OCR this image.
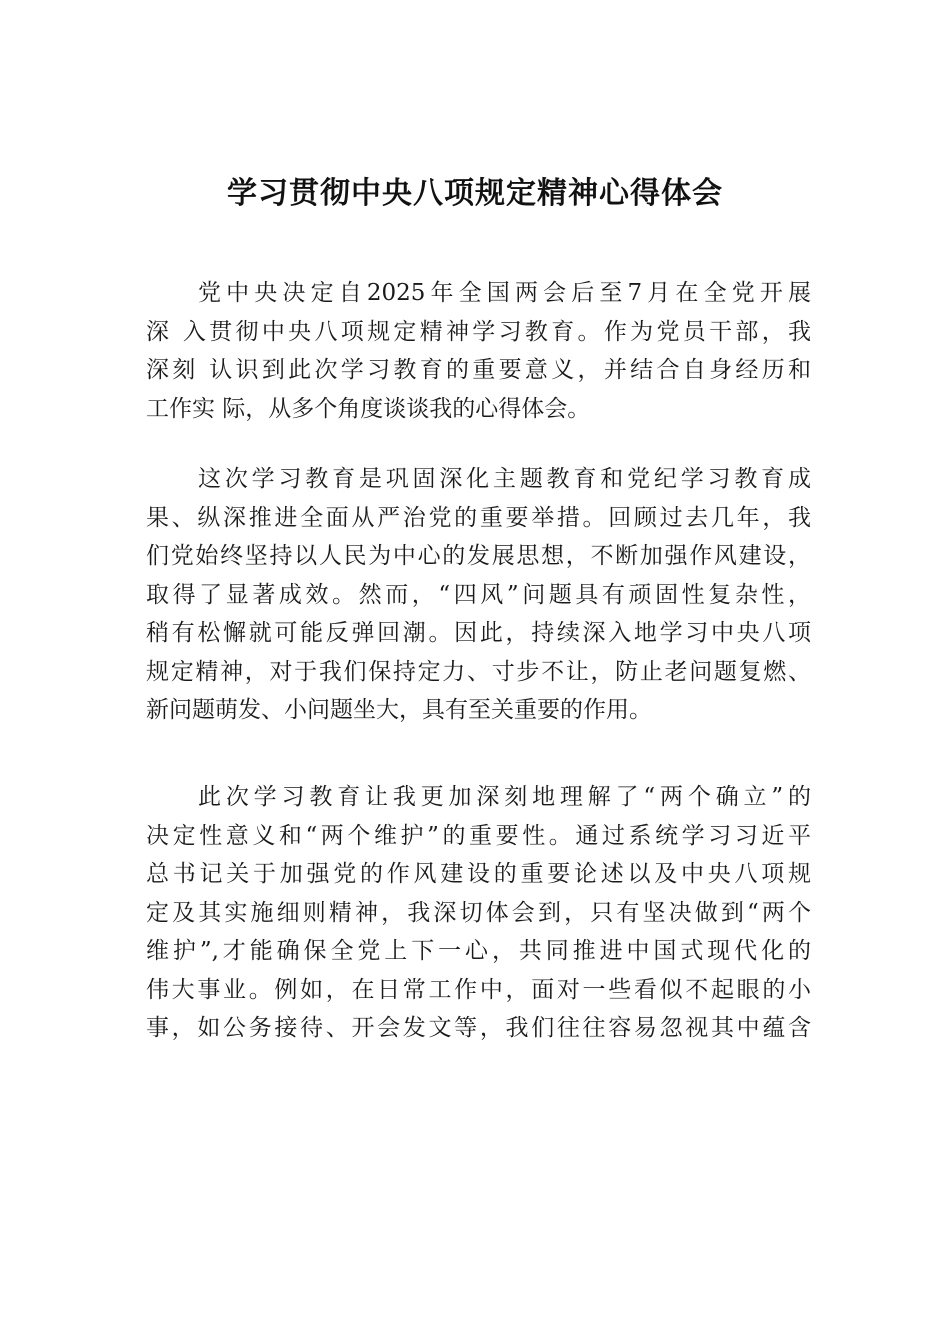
学习贯彻中央八项规定精神心得体会
党中央决定自2025年全国两会后至7月在全党开展
深 入贯彻中央八项规定精神学习教育。作为党员干部，我
深刻 认识到此次学习教育的重要意义，并结合自身经历和
工作实 际，从多个角度谈谈我的心得体会。
这次学习教育是巩固深化主题教育和党纪学习教育成
果、纵深推进全面从严治党的重要举措。回顾过去几年，我
们党始终坚持以人民为中心的发展思想，不断加强作风建设，
取得了显著成效。然而，“四风”问题具有顽固性复杂性，
稍有松懈就可能反弹回潮。因此，持续深入地学习中央八项
规定精神，对于我们保持定力、寸步不让，防止老问题复燃、
新问题萌发、小问题坐大，具有至关重要的作用。
此次学习教育让我更加深刻地理解了“两个确立”的
决定性意义和“两个维护”的重要性。通过系统学习习近平
总书记关于加强党的作风建设的重要论述以及中央八项规
定及其实施细则精神，我深切体会到，只有坚决做到“两个
维护”,才能确保全党上下一心，共同推进中国式现代化的
伟大事业。例如，在日常工作中，面对一些看似不起眼的小
事，如公务接待、开会发文等，我们往往容易忽视其中蕴含
